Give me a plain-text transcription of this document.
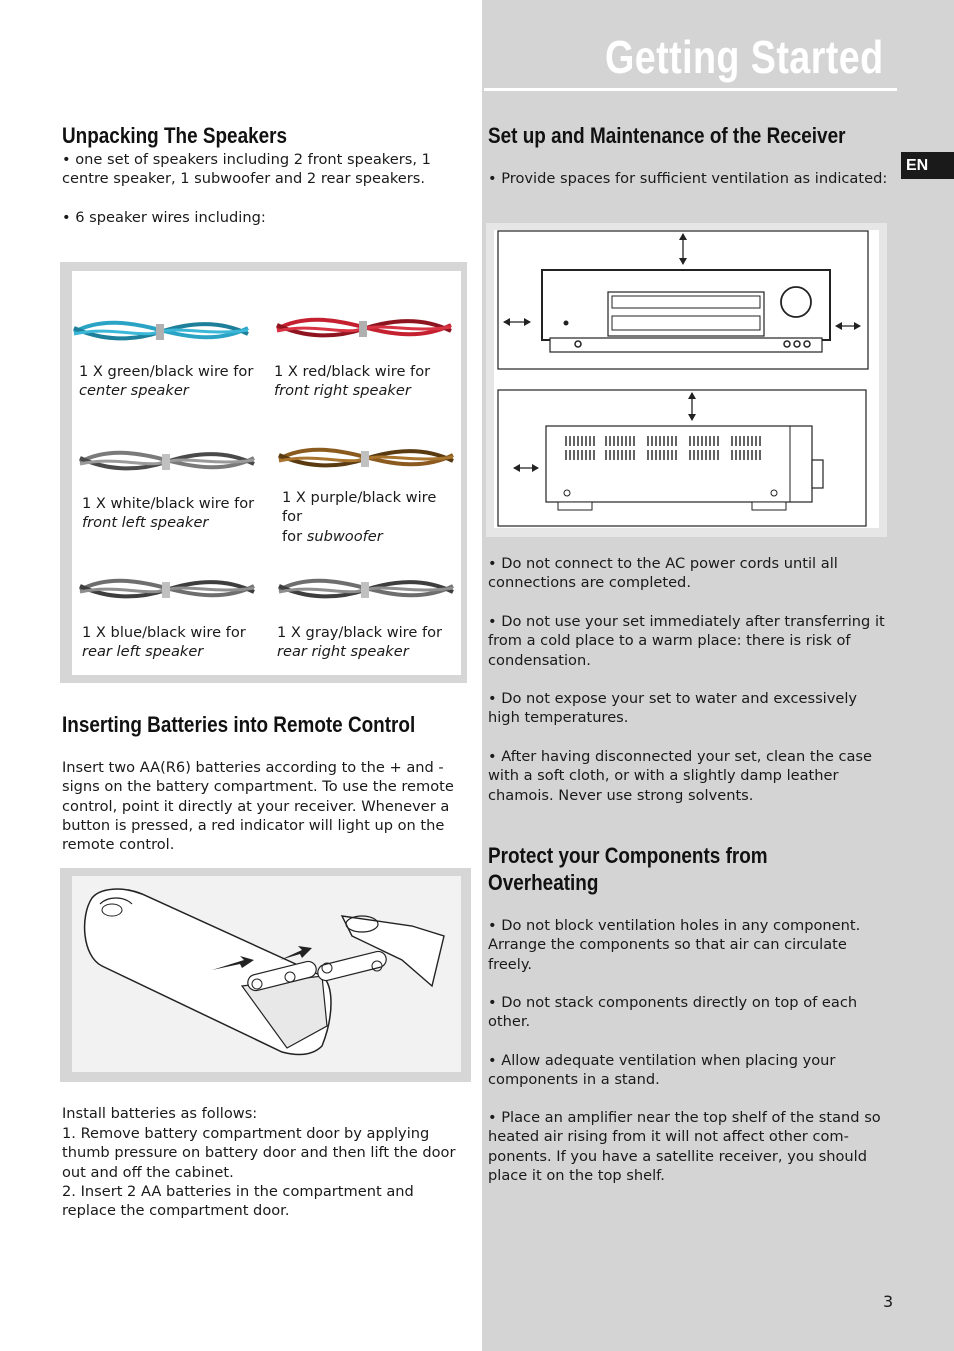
Getting Started
EN
Unpacking The Speakers

• one set of speakers including 2 front speakers, 1 centre speaker, 1 subwoofer and 2 rear speakers.

• 6 speaker wires including:

1 X green/black wire for
center speaker
1 X red/black wire for
front right speaker
1 X white/black wire for
front left speaker
1 X purple/black wire for
for subwoofer
1 X blue/black wire for
rear left speaker
1 X gray/black wire for
rear right speaker
Inserting Batteries into Remote Control

Insert two AA(R6) batteries according to the + and - signs on the battery compartment. To use the remote control, point it directly at your receiver. Whenever a button is pressed, a red indicator will light up on the remote control.

Install batteries as follows:

1. Remove battery compartment door by applying thumb pressure on battery door and then lift the door out and off the cabinet.

2. Insert 2 AA batteries in the compartment and replace the compartment door.

Set up and Maintenance of the Receiver

• Provide spaces for sufficient ventilation as indicated:

• Do not connect to the AC power cords until all connections are completed.

• Do not use your set immediately after transferring it from a cold place to a warm place: there is risk of condensation.

• Do not expose your set to water and excessively high temperatures.

• After having disconnected your set, clean the case with a soft cloth, or with a slightly damp leather chamois. Never use strong solvents.

Protect your Components from
Overheating

• Do not block ventilation holes in any component. Arrange the components so that air can circulate freely.

• Do not stack components directly on top of each other.

• Allow adequate ventilation when placing your components in a stand.

• Place an amplifier near the top shelf of the stand so heated air rising from it will not affect other com-ponents. If you have a satellite receiver, you should place it on the top shelf.

3
